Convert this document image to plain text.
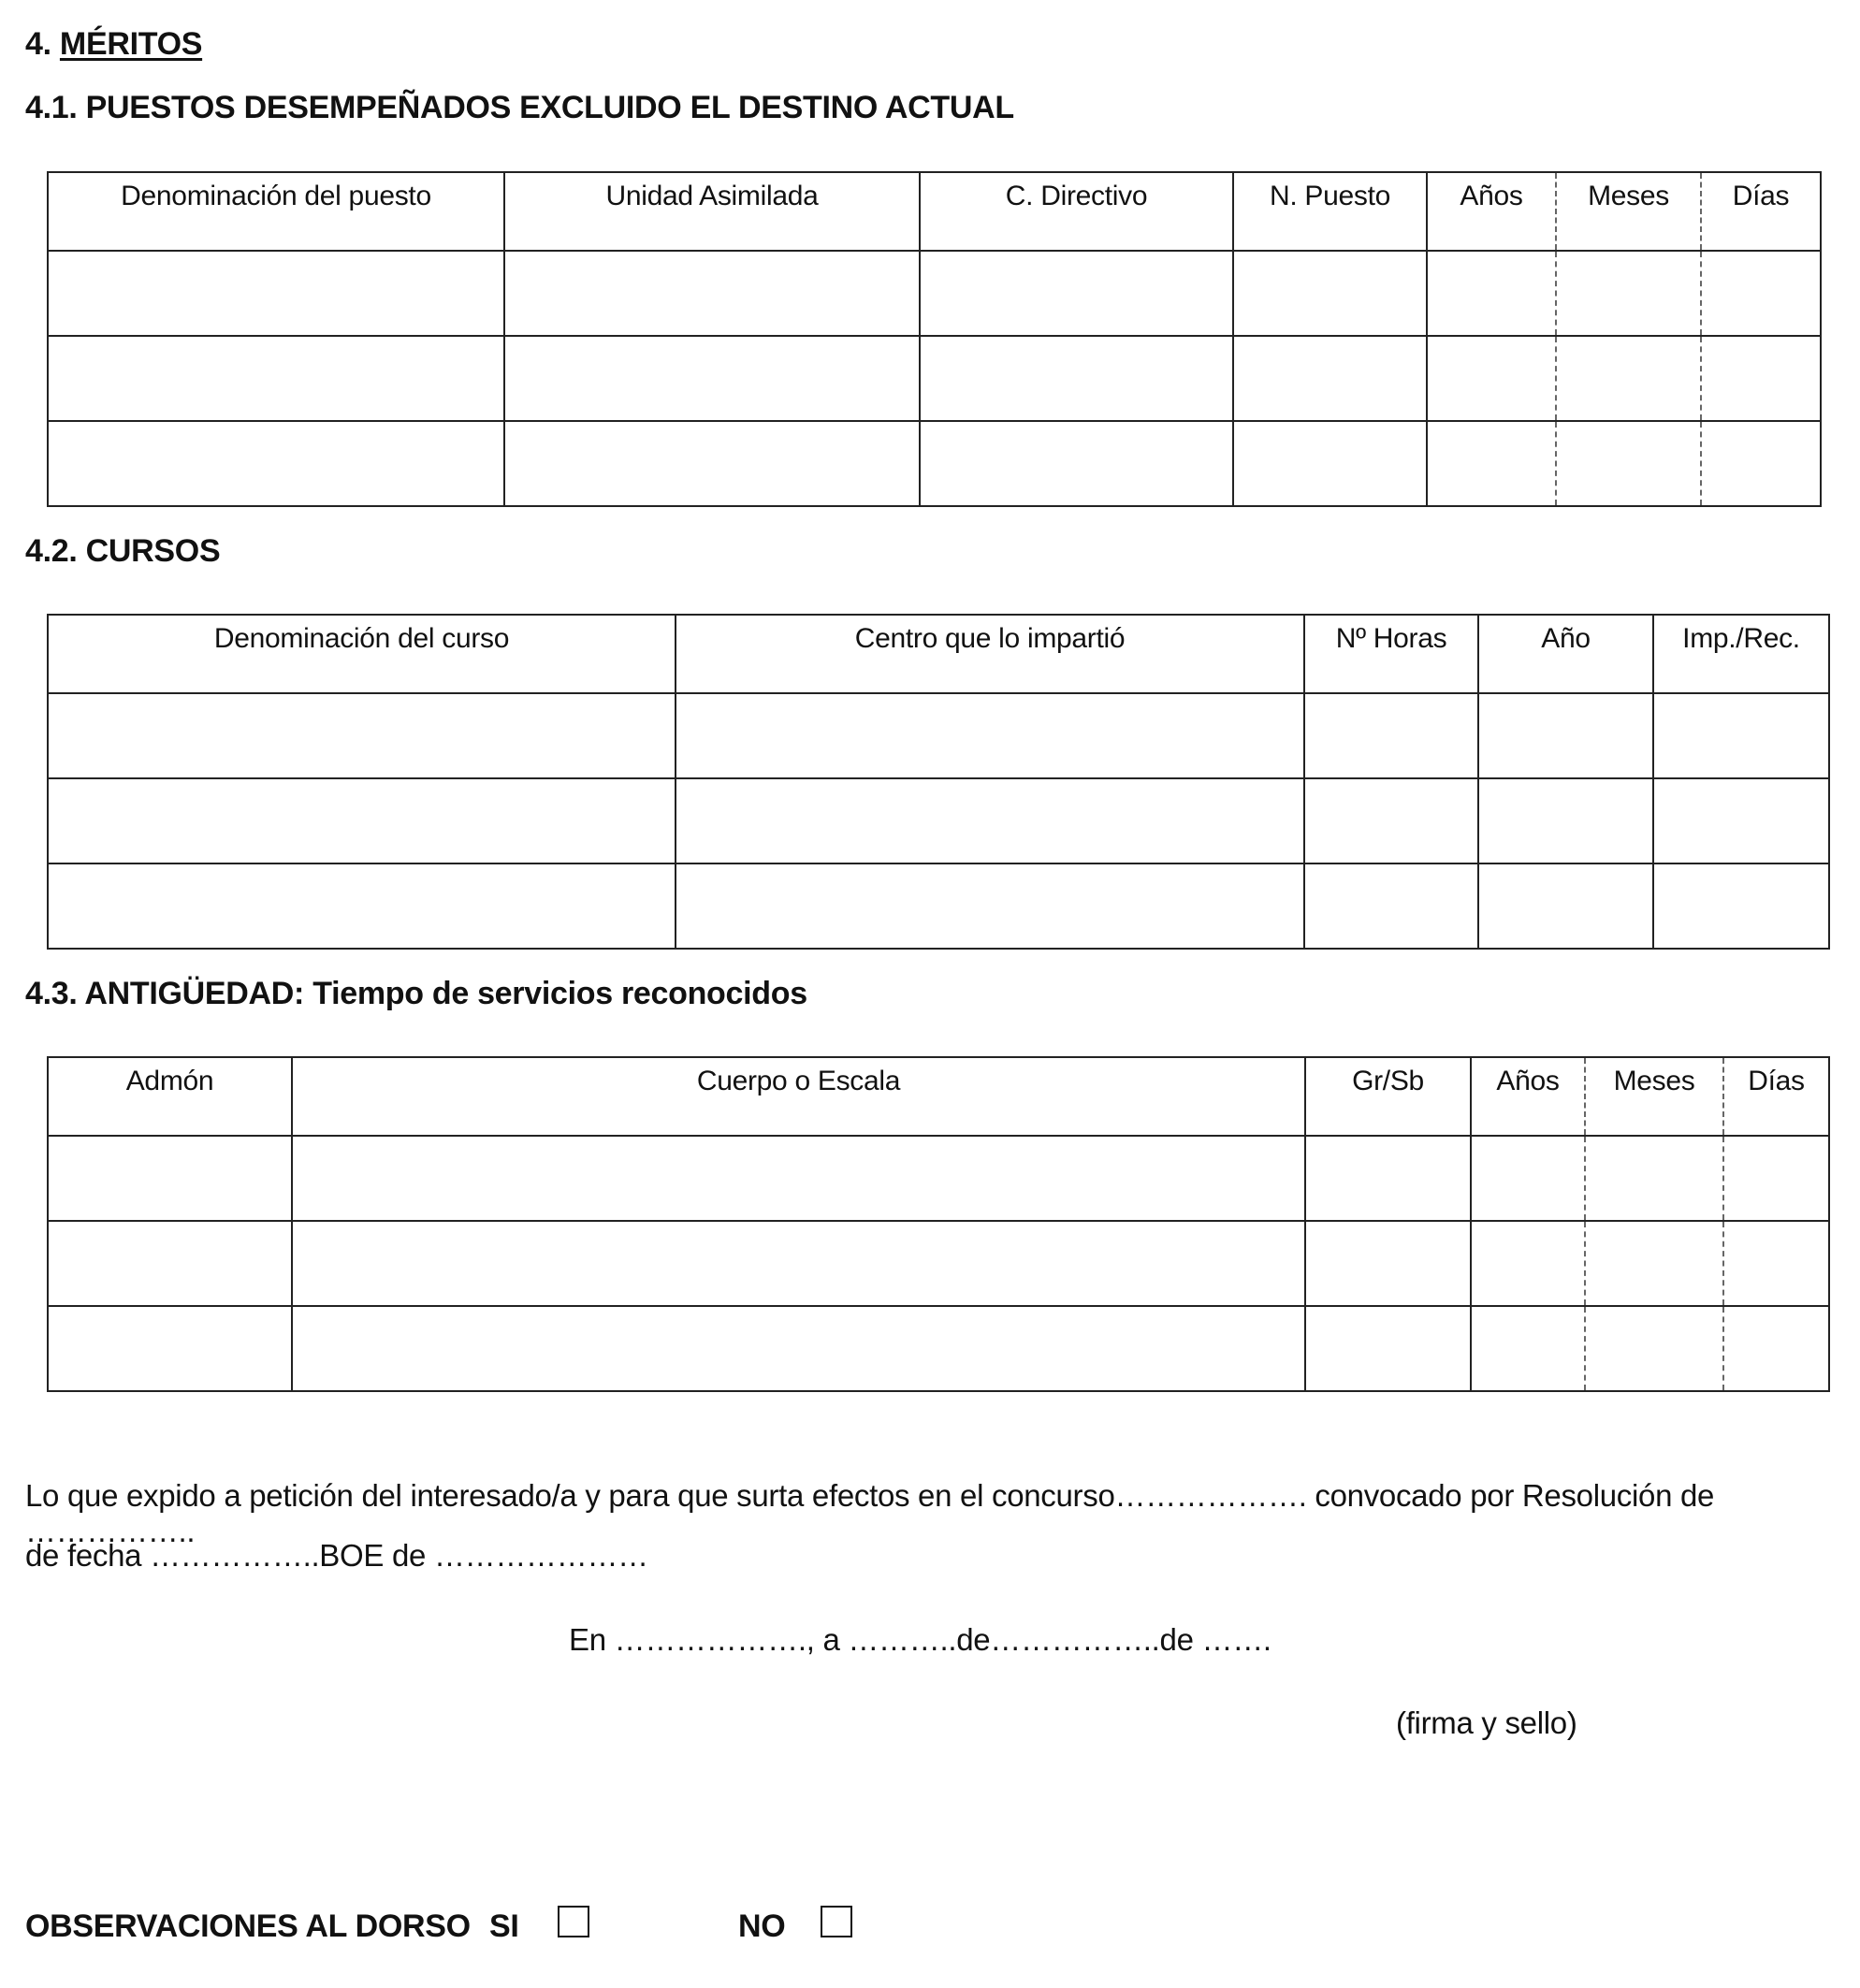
4. MÉRITOS
4.1. PUESTOS DESEMPEÑADOS EXCLUIDO EL DESTINO ACTUAL
Denominación del puesto	Unidad Asimilada	C. Directivo	N. Puesto	Años	Meses	Días

4.2. CURSOS
Denominación del curso	Centro que lo impartió	Nº Horas	Año	Imp./Rec.

4.3. ANTIGÜEDAD: Tiempo de servicios reconocidos
Admón	Cuerpo o Escala	Gr/Sb	Años	Meses	Días

Lo que expido a petición del interesado/a y para que surta efectos en el concurso………………. convocado por Resolución de ……………..

de fecha ……………..BOE de …………………

En ………………., a ………..de……………..de …….

(firma y sello)

OBSERVACIONES AL DORSO SI	NO
